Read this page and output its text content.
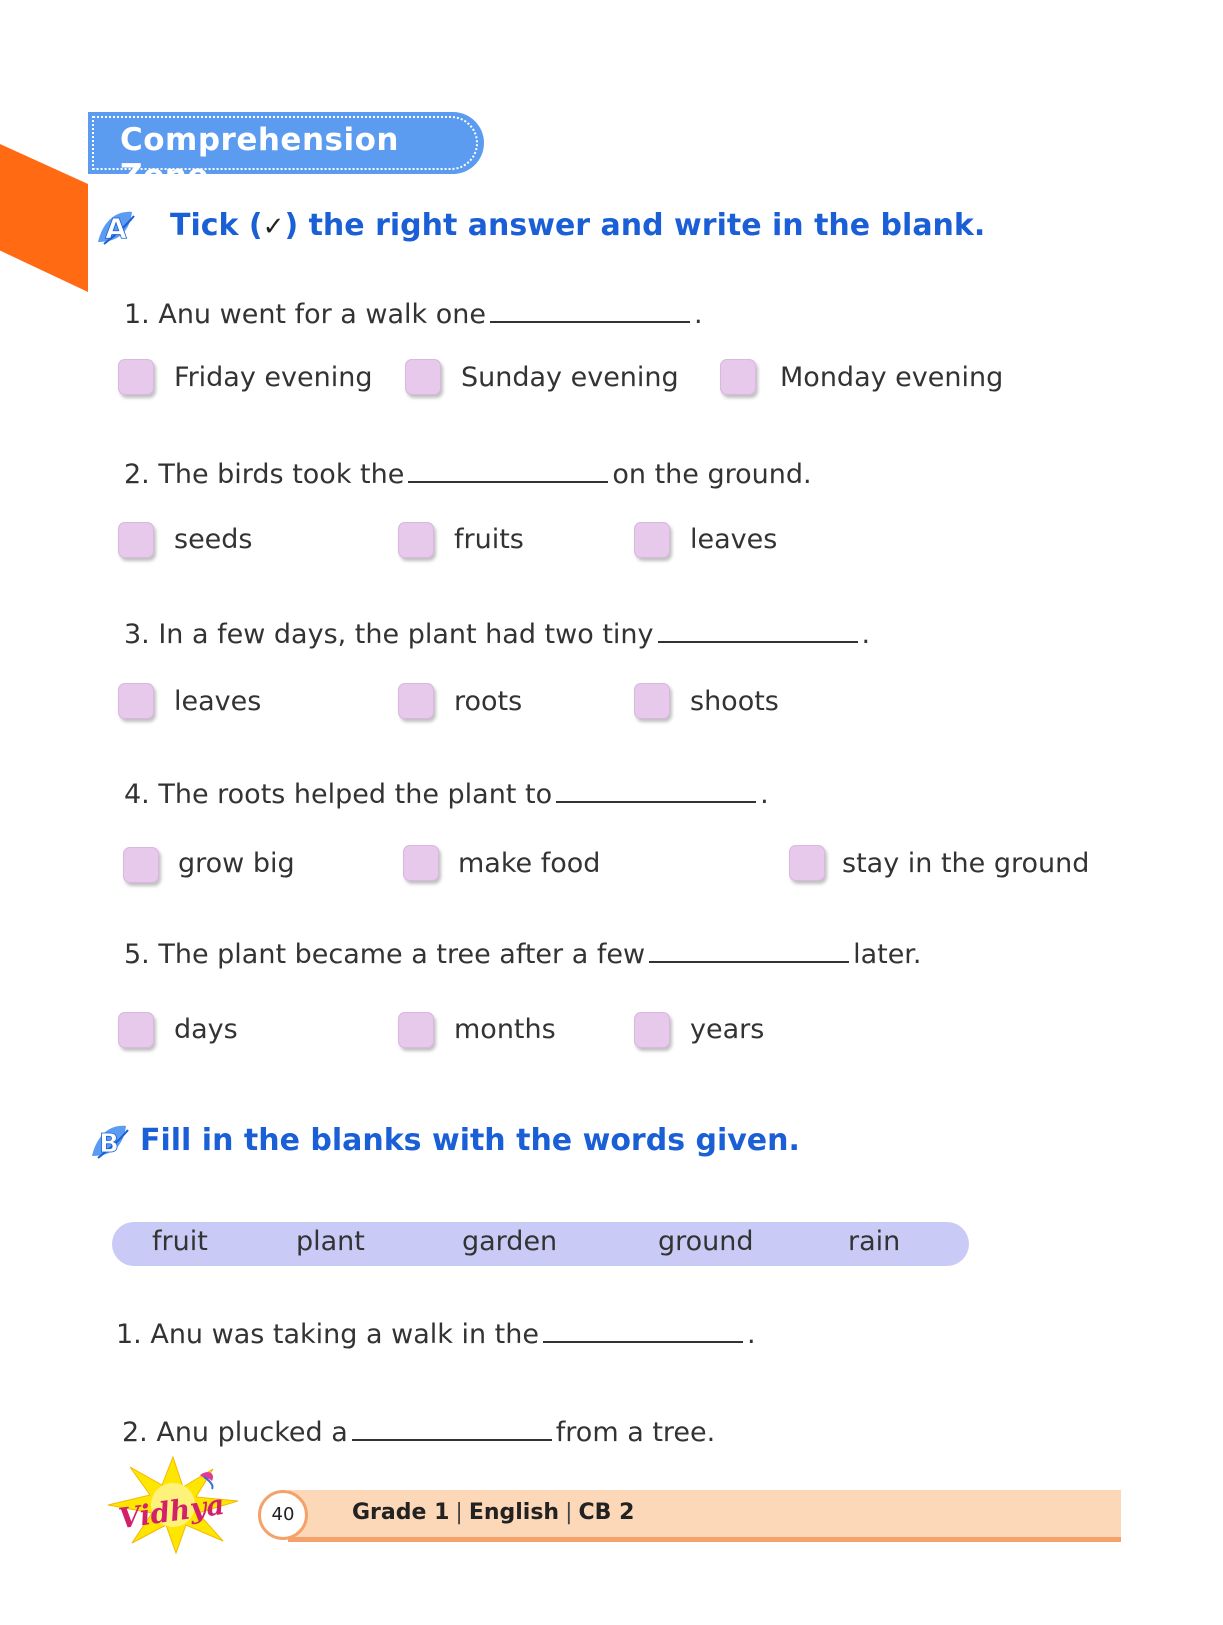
Comprehension Zone
A Tick (✓) the right answer and write in the blank.
1. Anu went for a walk one	.
Friday evening	Sunday evening	Monday evening
2. The birds took the	on the ground.
seeds	fruits	leaves
3. In a few days, the plant had two tiny	.
leaves	roots	shoots
4. The roots helped the plant to	.
grow big	make food	stay in the ground
5. The plant became a tree after a few	later.
days	months	years
B Fill in the blanks with the words given.
fruit	plant	garden	ground	rain
1. Anu was taking a walk in the	.
2. Anu plucked a	from a tree.
Grade 1 | English | CB 2
40
Vidhya
